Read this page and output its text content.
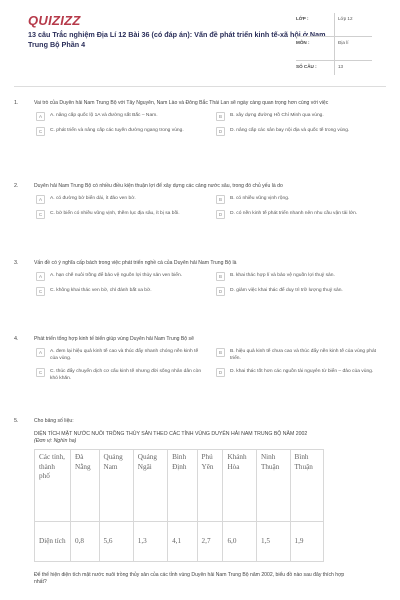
QUIZIZZ
13 câu Trắc nghiệm Địa Lí 12 Bài 36 (có đáp án): Vấn đề phát triển kinh tế-xã hội ở Nam Trung Bộ Phần 4
LỚP :	Lớp 12
MÔN :	Địa lí
SỐ CÂU :	13
1.	Vai trò của Duyên hải Nam Trung Bộ với Tây Nguyên, Nam Lào và Đông Bắc Thái Lan sẽ ngày càng quan trọng hơn cùng với việc
A	A. nâng cấp quốc lộ 1A và đường sắt Bắc – Nam.	B	B. xây dựng đường Hồ Chí Minh qua vùng.
C	C. phát triển và nâng cấp các tuyến đường ngang trong vùng.	D	D. nâng cấp các sân bay nội địa và quốc tế trong vùng.
2.	Duyên hải Nam Trung Bộ có nhiều điều kiện thuận lợi để xây dựng các cảng nước sâu, trong đó chủ yếu là do
A	A. có đường bờ biển dài, ít đảo ven bờ.	B	B. có nhiều vũng vịnh rộng.
C	C. bờ biển có nhiều vũng vịnh, thềm lục địa sâu, ít bị sa bồi.	D	D. có nền kinh tế phát triển nhanh nên nhu cầu vận tải lớn.
3.	Vấn đề có ý nghĩa cấp bách trong việc phát triển nghề cá của Duyên hải Nam Trung Bộ là
A	A. hạn chế nuôi trồng để bảo vệ nguồn lợi thủy sản ven biển.	B	B. khai thác hợp lí và bảo vệ nguồn lợi thuỷ sản.
C	C. không khai thác ven bờ, chỉ đánh bắt xa bờ.	D	D. giảm việc khai thác để duy trì trữ lượng thuỷ sản.
4.	Phát triển tổng hợp kinh tế biển giúp vùng Duyên hải Nam Trung Bộ sẽ
A	A. đem lại hiệu quả kinh tế cao và thúc đẩy nhanh chóng nền kinh tế của vùng.
B	B. hiệu quả kinh tế chưa cao và thúc đẩy nền kinh tế của vùng phát triển.
C	C. thúc đẩy chuyển dịch cơ cấu kinh tế nhưng đời sống nhân dân còn khó khăn.
D	D. khai thác tốt hơn các nguồn tài nguyên từ biển – đảo của vùng.
5.	Cho bảng số liệu:
DIỆN TÍCH MẶT NƯỚC NUÔI TRỒNG THỦY SẢN THEO CÁC TỈNH VÙNG DUYÊN HẢI NAM TRUNG BỘ NĂM 2002
(Đơn vị: Nghìn ha)
Các tỉnh, thành phố	Đà Nẵng	Quảng Nam	Quảng Ngãi	Bình Định	Phú Yên	Khánh Hòa	Ninh Thuận	Bình Thuận
Diện tích	0,8	5,6	1,3	4,1	2,7	6,0	1,5	1,9
Để thể hiện diện tích mặt nước nuôi trồng thủy sản của các tỉnh vùng Duyên hải Nam Trung Bộ năm 2002, biểu đồ nào sau đây thích hợp nhất?
